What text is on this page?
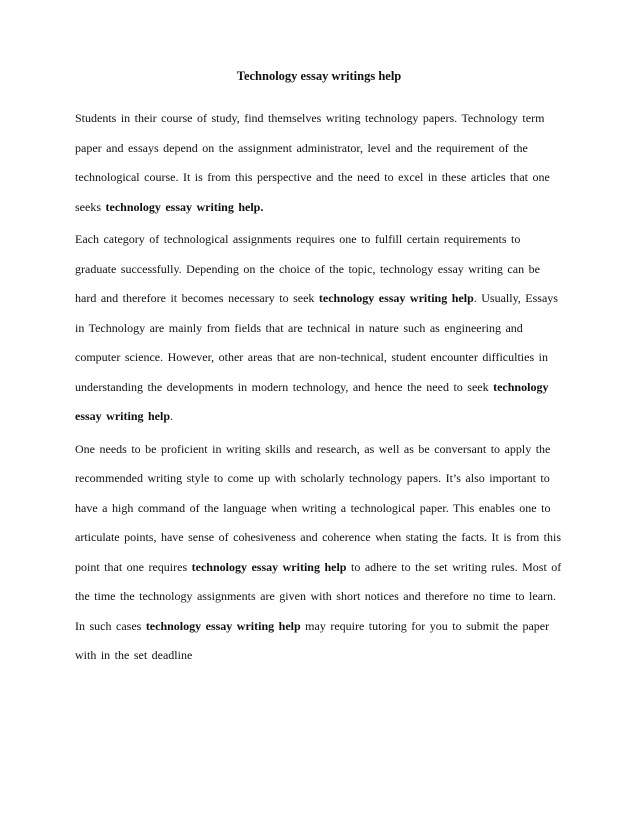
Technology essay writings help

Students in their course of study, find themselves writing technology papers. Technology term
paper and essays depend on the assignment administrator, level and the requirement of the
technological course. It is from this perspective and the need to excel in these articles that one
seeks technology essay writing help.

Each category of technological assignments requires one to fulfill certain requirements to
graduate successfully. Depending on the choice of the topic, technology essay writing can be
hard and therefore it becomes necessary to seek technology essay writing help. Usually, Essays
in Technology are mainly from fields that are technical in nature such as engineering and
computer science. However, other areas that are non-technical, student encounter difficulties in
understanding the developments in modern technology, and hence the need to seek technology
essay writing help.

One needs to be proficient in writing skills and research, as well as be conversant to apply the
recommended writing style to come up with scholarly technology papers. It’s also important to
have a high command of the language when writing a technological paper. This enables one to
articulate points, have sense of cohesiveness and coherence when stating the facts. It is from this
point that one requires technology essay writing help to adhere to the set writing rules. Most of
the time the technology assignments are given with short notices and therefore no time to learn.
In such cases technology essay writing help may require tutoring for you to submit the paper
with in the set deadline
